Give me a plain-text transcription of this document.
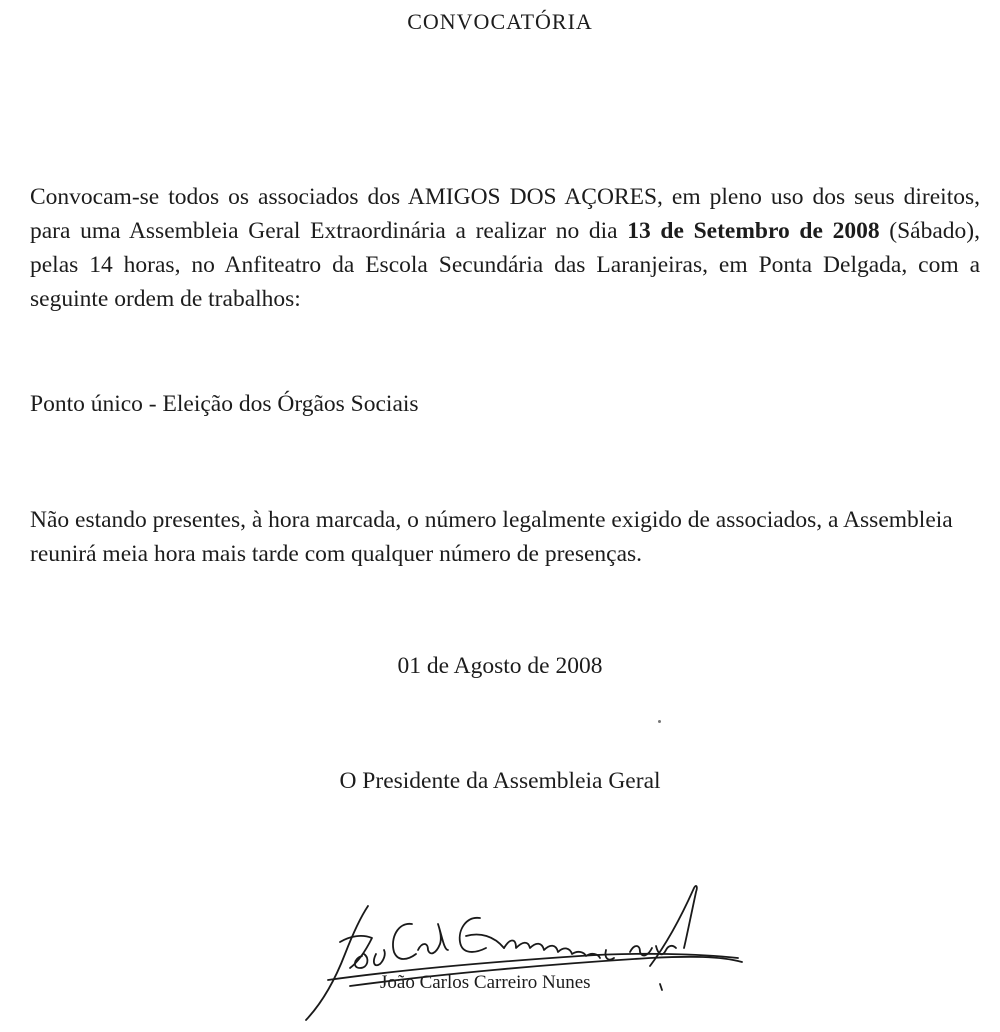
CONVOCATÓRIA

Convocam-se todos os associados dos AMIGOS DOS AÇORES, em pleno uso dos seus direitos, para uma Assembleia Geral Extraordinária a realizar no dia 13 de Setembro de 2008 (Sábado), pelas 14 horas, no Anfiteatro da Escola Secundária das Laranjeiras, em Ponta Delgada, com a seguinte ordem de trabalhos:

Ponto único - Eleição dos Órgãos Sociais

Não estando presentes, à hora marcada, o número legalmente exigido de associados, a Assembleia reunirá meia hora mais tarde com qualquer número de presenças.

01 de Agosto de 2008
O Presidente da Assembleia Geral
João Carlos Carreiro Nunes
